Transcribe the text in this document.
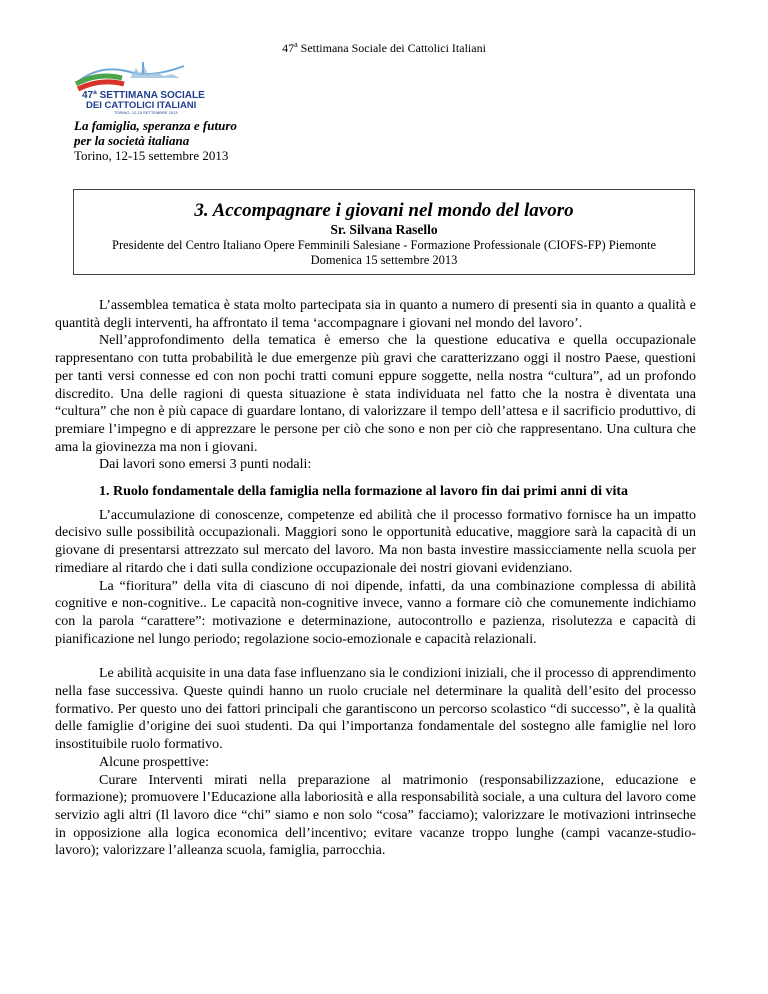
47$^a$ Settimana Sociale dei Cattolici Italiani
47ª SETTIMANA SOCIALE
DEI CATTOLICI ITALIANI
TORINO, 12-15 SETTEMBRE 2013
La famiglia, speranza e futuro
per la società italiana
Torino, 12-15 settembre 2013
3. Accompagnare i giovani nel mondo del lavoro
Sr. Silvana Rasello
Presidente del Centro Italiano Opere Femminili Salesiane - Formazione Professionale (CIOFS-FP) Piemonte
Domenica 15 settembre 2013

L’assemblea tematica è stata molto partecipata sia in quanto a numero di presenti sia in quanto a qualità e quantità degli interventi, ha affrontato il tema ‘accompagnare i giovani nel mondo del lavoro’.

Nell’approfondimento della tematica è emerso che la questione educativa e quella occupazionale rappresentano con tutta probabilità le due emergenze più gravi che caratterizzano oggi il nostro Paese, questioni per tanti versi connesse ed con non pochi tratti comuni eppure soggette, nella nostra “cultura”, ad un profondo discredito. Una delle ragioni di questa situazione è stata individuata nel fatto che la nostra è diventata una “cultura” che non è più capace di guardare lontano, di valorizzare il tempo dell’attesa e il sacrificio produttivo, di premiare l’impegno e di apprezzare le persone per ciò che sono e non per ciò che rappresentano. Una cultura che ama la giovinezza ma non i giovani.

Dai lavori sono emersi 3 punti nodali:

1. Ruolo fondamentale della famiglia nella formazione al lavoro fin dai primi anni di vita

L’accumulazione di conoscenze, competenze ed abilità che il processo formativo fornisce ha un impatto decisivo sulle possibilità occupazionali. Maggiori sono le opportunità educative, maggiore sarà la capacità di un giovane di presentarsi attrezzato sul mercato del lavoro. Ma non basta investire massicciamente nella scuola per rimediare al ritardo che i dati sulla condizione occupazionale dei nostri giovani evidenziano.

La “fioritura” della vita di ciascuno di noi dipende, infatti, da una combinazione complessa di abilità cognitive e non-cognitive.. Le capacità non-cognitive invece, vanno a formare ciò che comunemente indichiamo con la parola “carattere”: motivazione e determinazione, autocontrollo e pazienza, risolutezza e capacità di pianificazione nel lungo periodo; regolazione socio-emozionale e capacità relazionali.

Le abilità acquisite in una data fase influenzano sia le condizioni iniziali, che il processo di apprendimento nella fase successiva. Queste quindi hanno un ruolo cruciale nel determinare la qualità dell’esito del processo formativo. Per questo uno dei fattori principali che garantiscono un percorso scolastico “di successo”, è la qualità delle famiglie d’origine dei suoi studenti. Da qui l’importanza fondamentale del sostegno alle famiglie nel loro insostituibile ruolo formativo.

Alcune prospettive:

Curare Interventi mirati nella preparazione al matrimonio (responsabilizzazione, educazione e formazione); promuovere l’Educazione alla laboriosità e alla responsabilità sociale, a una cultura del lavoro come servizio agli altri (Il lavoro dice “chi” siamo e non solo “cosa” facciamo); valorizzare le motivazioni intrinseche in opposizione alla logica economica dell’incentivo; evitare vacanze troppo lunghe (campi vacanze-studio-lavoro); valorizzare l’alleanza scuola, famiglia, parrocchia.
